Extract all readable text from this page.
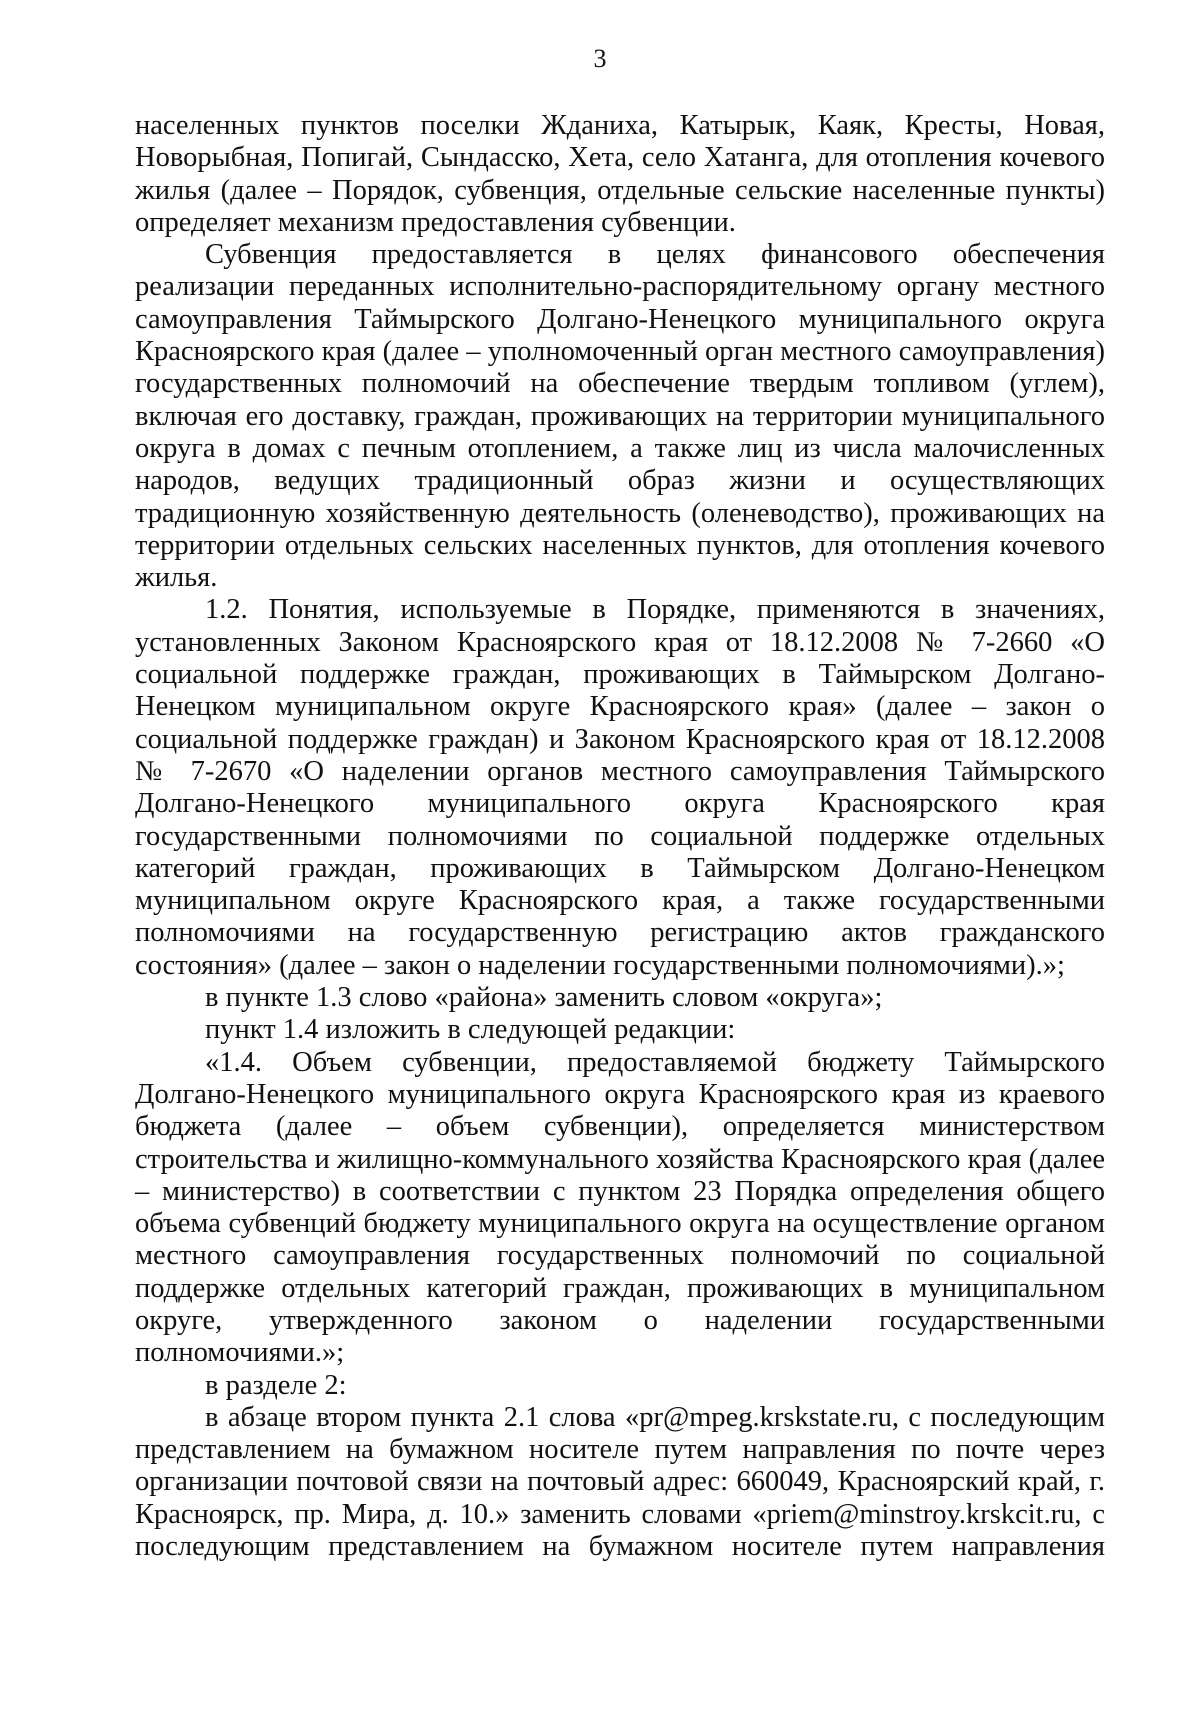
3

населенных пунктов поселки Жданиха, Катырык, Каяк, Кресты, Новая, Новорыбная, Попигай, Сындасско, Хета, село Хатанга, для отопления кочевого жилья (далее – Порядок, субвенция, отдельные сельские населенные пункты) определяет механизм предоставления субвенции.

Субвенция предоставляется в целях финансового обеспечения реализации переданных исполнительно-распорядительному органу местного самоуправления Таймырского Долгано-Ненецкого муниципального округа Красноярского края (далее – уполномоченный орган местного самоуправления) государственных полномочий на обеспечение твердым топливом (углем), включая его доставку, граждан, проживающих на территории муниципального округа в домах с печным отоплением, а также лиц из числа малочисленных народов, ведущих традиционный образ жизни и осуществляющих традиционную хозяйственную деятельность (оленеводство), проживающих на территории отдельных сельских населенных пунктов, для отопления кочевого жилья.

1.2. Понятия, используемые в Порядке, применяются в значениях, установленных Законом Красноярского края от 18.12.2008 № 7-2660 «О социальной поддержке граждан, проживающих в Таймырском Долгано-Ненецком муниципальном округе Красноярского края» (далее – закон о социальной поддержке граждан) и Законом Красноярского края от 18.12.2008 № 7-2670 «О наделении органов местного самоуправления Таймырского Долгано-Ненецкого муниципального округа Красноярского края государственными полномочиями по социальной поддержке отдельных категорий граждан, проживающих в Таймырском Долгано-Ненецком муниципальном округе Красноярского края, а также государственными полномочиями на государственную регистрацию актов гражданского состояния» (далее – закон о наделении государственными полномочиями).»;

в пункте 1.3 слово «района» заменить словом «округа»;

пункт 1.4 изложить в следующей редакции:

«1.4. Объем субвенции, предоставляемой бюджету Таймырского Долгано-Ненецкого муниципального округа Красноярского края из краевого бюджета (далее – объем субвенции), определяется министерством строительства и жилищно-коммунального хозяйства Красноярского края (далее – министерство) в соответствии с пунктом 23 Порядка определения общего объема субвенций бюджету муниципального округа на осуществление органом местного самоуправления государственных полномочий по социальной поддержке отдельных категорий граждан, проживающих в муниципальном округе, утвержденного законом о наделении государственными полномочиями.»;

в разделе 2:

в абзаце втором пункта 2.1 слова «pr@mpeg.krskstate.ru, с последующим представлением на бумажном носителе путем направления по почте через организации почтовой связи на почтовый адрес: 660049, Красноярский край, г. Красноярск, пр. Мира, д. 10.» заменить словами «priem@minstroy.krskcit.ru, с последующим представлением на бумажном носителе путем направления
